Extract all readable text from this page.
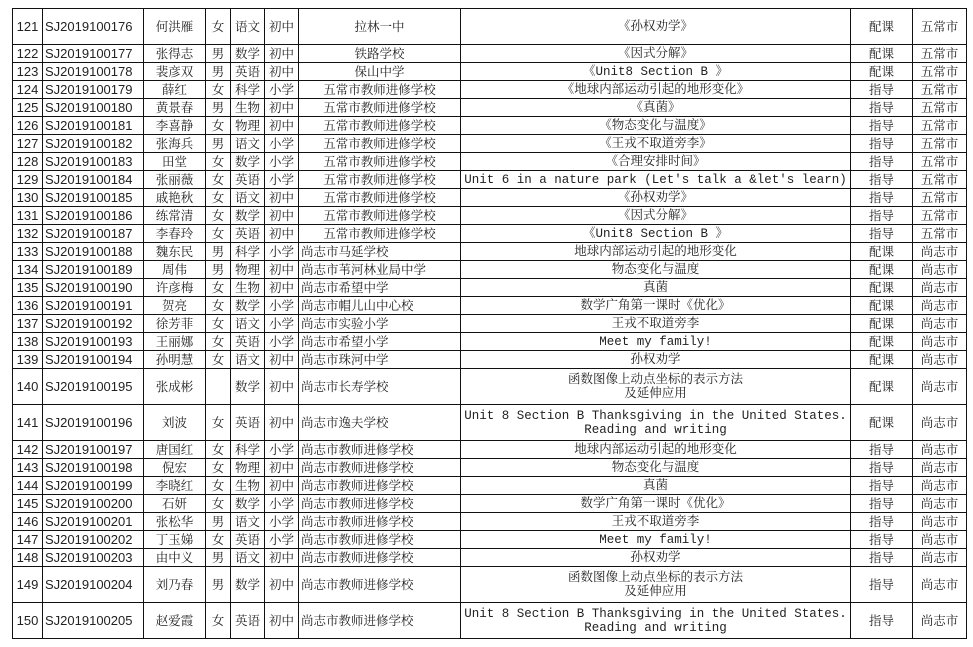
121	SJ2019100176	何洪雁	女	语文	初中	拉林一中	《孙权劝学》	配课	五常市
122	SJ2019100177	张得志	男	数学	初中	铁路学校	《因式分解》	配课	五常市
123	SJ2019100178	裴彦双	男	英语	初中	保山中学	《Unit8 Section B 》	配课	五常市
124	SJ2019100179	薛红	女	科学	小学	五常市教师进修学校	《地球内部运动引起的地形变化》	指导	五常市
125	SJ2019100180	黄景春	男	生物	初中	五常市教师进修学校	《真菌》	指导	五常市
126	SJ2019100181	李喜静	女	物理	初中	五常市教师进修学校	《物态变化与温度》	指导	五常市
127	SJ2019100182	张海兵	男	语文	小学	五常市教师进修学校	《王戎不取道旁李》	指导	五常市
128	SJ2019100183	田堂	女	数学	小学	五常市教师进修学校	《合理安排时间》	指导	五常市
129	SJ2019100184	张丽薇	女	英语	小学	五常市教师进修学校	Unit 6 in a nature park (Let's talk a &let's learn)	指导	五常市
130	SJ2019100185	戚艳秋	女	语文	初中	五常市教师进修学校	《孙权劝学》	指导	五常市
131	SJ2019100186	练常清	女	数学	初中	五常市教师进修学校	《因式分解》	指导	五常市
132	SJ2019100187	李春玲	女	英语	初中	五常市教师进修学校	《Unit8 Section B 》	指导	五常市
133	SJ2019100188	魏东民	男	科学	小学	尚志市马延学校	地球内部运动引起的地形变化	配课	尚志市
134	SJ2019100189	周伟	男	物理	初中	尚志市苇河林业局中学	物态变化与温度	配课	尚志市
135	SJ2019100190	许彦梅	女	生物	初中	尚志市希望中学	真菌	配课	尚志市
136	SJ2019100191	贺亮	女	数学	小学	尚志市帽儿山中心校	数学广角第一课时《优化》	配课	尚志市
137	SJ2019100192	徐芳菲	女	语文	小学	尚志市实验小学	王戎不取道旁李	配课	尚志市
138	SJ2019100193	王丽娜	女	英语	小学	尚志市希望小学	Meet my family!	配课	尚志市
139	SJ2019100194	孙明慧	女	语文	初中	尚志市珠河中学	孙权劝学	配课	尚志市
140	SJ2019100195	张成彬		数学	初中	尚志市长寿学校	函数图像上动点坐标的表示方法
及延伸应用	配课	尚志市
141	SJ2019100196	刘波	女	英语	初中	尚志市逸夫学校	Unit 8 Section B Thanksgiving in the United States.
Reading and writing	配课	尚志市
142	SJ2019100197	唐国红	女	科学	小学	尚志市教师进修学校	地球内部运动引起的地形变化	指导	尚志市
143	SJ2019100198	倪宏	女	物理	初中	尚志市教师进修学校	物态变化与温度	指导	尚志市
144	SJ2019100199	李晓红	女	生物	初中	尚志市教师进修学校	真菌	指导	尚志市
145	SJ2019100200	石妍	女	数学	小学	尚志市教师进修学校	数学广角第一课时《优化》	指导	尚志市
146	SJ2019100201	张松华	男	语文	小学	尚志市教师进修学校	王戎不取道旁李	指导	尚志市
147	SJ2019100202	丁玉娣	女	英语	小学	尚志市教师进修学校	Meet my family!	指导	尚志市
148	SJ2019100203	由中义	男	语文	初中	尚志市教师进修学校	孙权劝学	指导	尚志市
149	SJ2019100204	刘乃春	男	数学	初中	尚志市教师进修学校	函数图像上动点坐标的表示方法
及延伸应用	指导	尚志市
150	SJ2019100205	赵爱霞	女	英语	初中	尚志市教师进修学校	Unit 8 Section B Thanksgiving in the United States.
Reading and writing	指导	尚志市
